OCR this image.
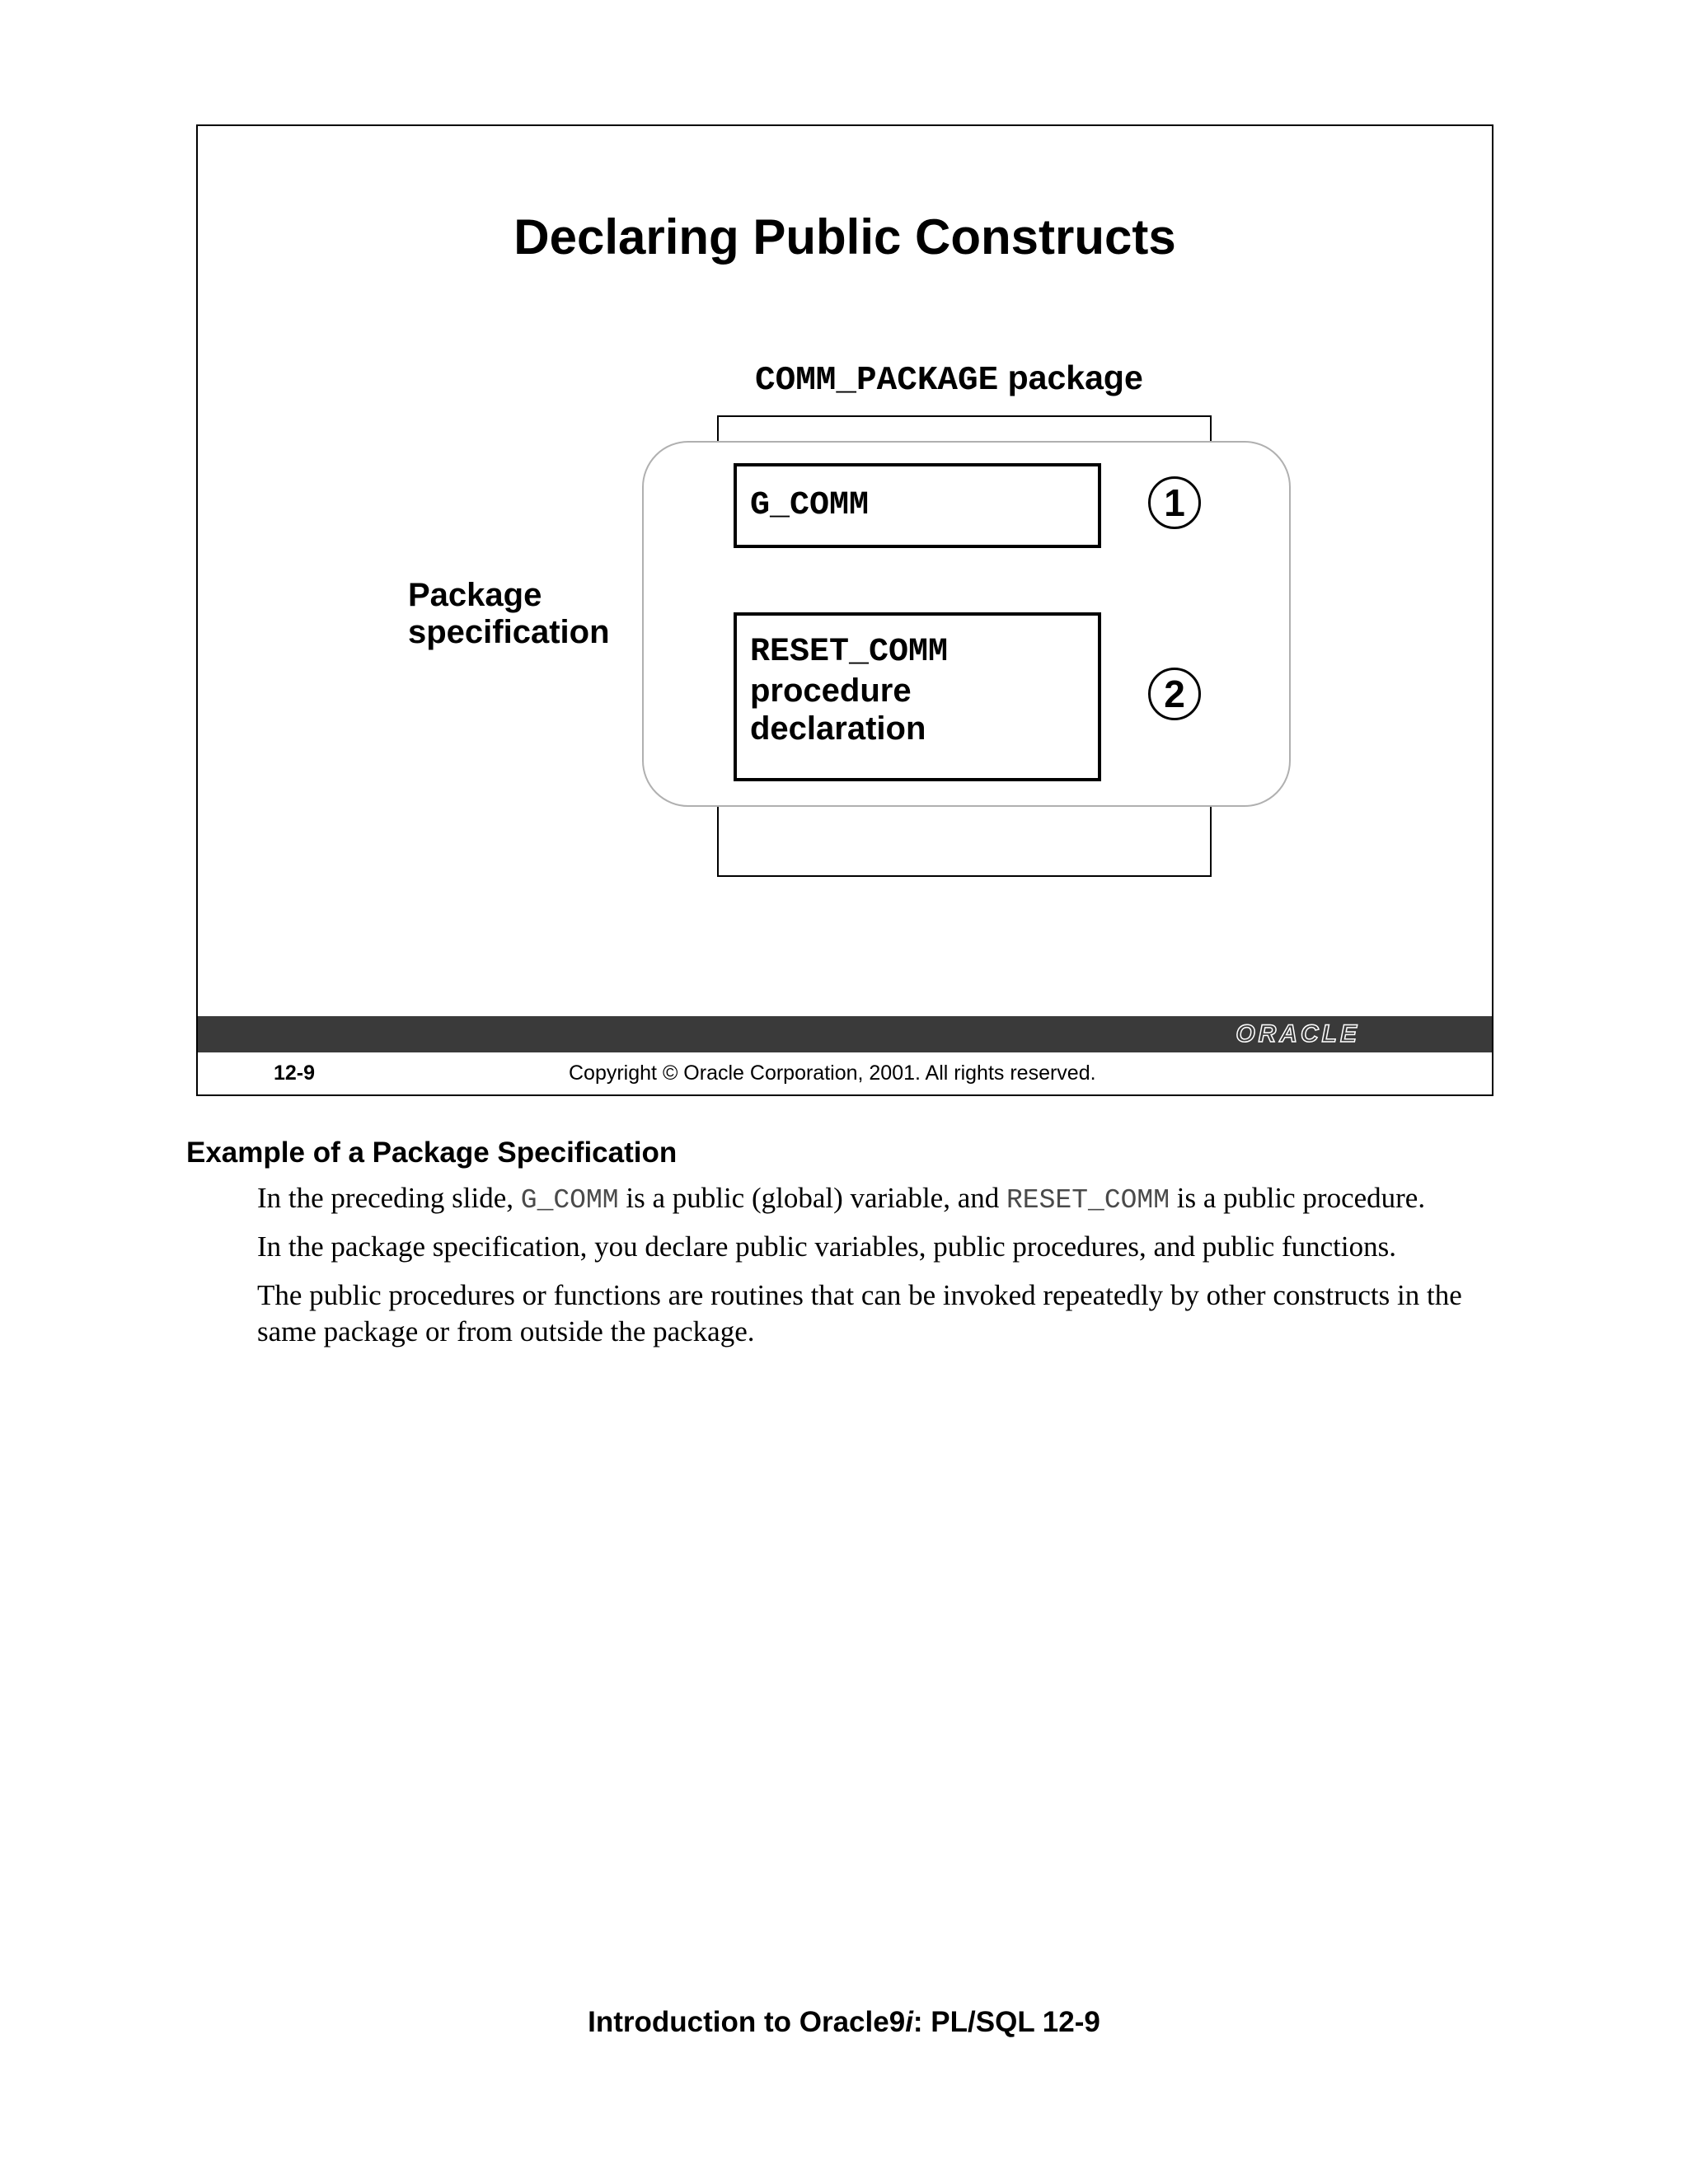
Declaring Public Constructs
COMM_PACKAGE package
G_COMM	1
RESET_COMM
procedure
declaration
2
Package
specification
ORACLE
12-9	Copyright © Oracle Corporation, 2001. All rights reserved.
Example of a Package Specification
In the preceding slide, G_COMM is a public (global) variable, and RESET_COMM is a public procedure.
In the package specification, you declare public variables, public procedures, and public functions.
The public procedures or functions are routines that can be invoked repeatedly by other constructs in the same package or from outside the package.
Introduction to Oracle9i: PL/SQL 12-9
